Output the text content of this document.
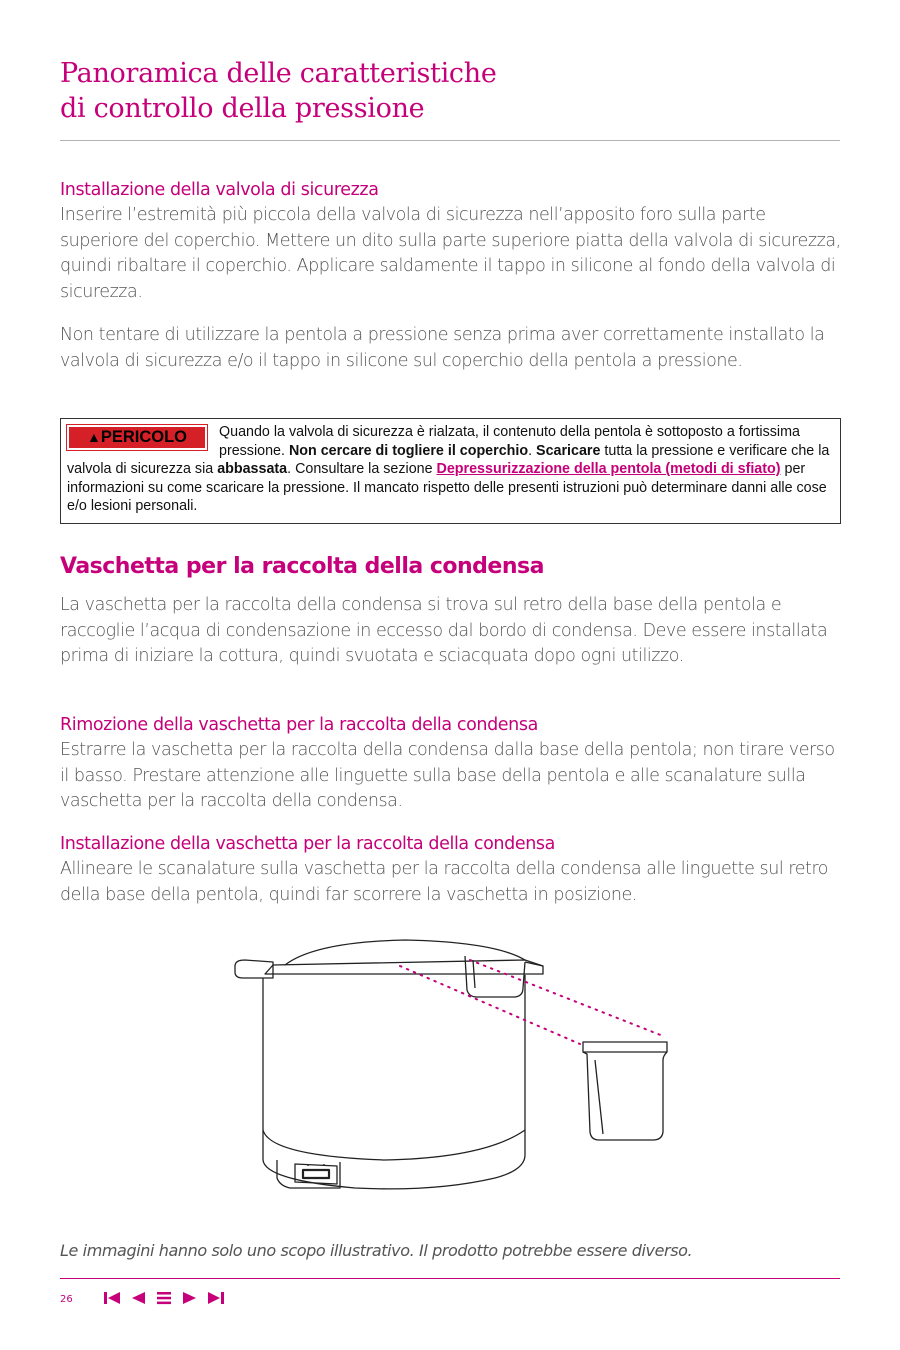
Panoramica delle caratteristiche
di controllo della pressione
Installazione della valvola di sicurezza

Inserire l’estremità più piccola della valvola di sicurezza nell’apposito foro sulla parte superiore del coperchio. Mettere un dito sulla parte superiore piatta della valvola di sicurezza, quindi ribaltare il coperchio. Applicare saldamente il tappo in silicone al fondo della valvola di sicurezza.

Non tentare di utilizzare la pentola a pressione senza prima aver correttamente installato la valvola di sicurezza e/o il tappo in silicone sul coperchio della pentola a pressione.

▲PERICOLO	Quando la valvola di sicurezza è rialzata, il contenuto della pentola è sottoposto a fortissima pressione. Non cercare di togliere il coperchio. Scaricare tutta la pressione e verificare che la valvola di sicurezza sia abbassata. Consultare la sezione Depressurizzazione della pentola (metodi di sfiato) per informazioni su come scaricare la pressione. Il mancato rispetto delle presenti istruzioni può determinare danni alle cose e/o lesioni personali.
Vaschetta per la raccolta della condensa

La vaschetta per la raccolta della condensa si trova sul retro della base della pentola e raccoglie l’acqua di condensazione in eccesso dal bordo di condensa. Deve essere installata prima di iniziare la cottura, quindi svuotata e sciacquata dopo ogni utilizzo.

Rimozione della vaschetta per la raccolta della condensa

Estrarre la vaschetta per la raccolta della condensa dalla base della pentola; non tirare verso il basso. Prestare attenzione alle linguette sulla base della pentola e alle scanalature sulla vaschetta per la raccolta della condensa.

Installazione della vaschetta per la raccolta della condensa

Allineare le scanalature sulla vaschetta per la raccolta della condensa alle linguette sul retro della base della pentola, quindi far scorrere la vaschetta in posizione.

Le immagini hanno solo uno scopo illustrativo. Il prodotto potrebbe essere diverso.

26
